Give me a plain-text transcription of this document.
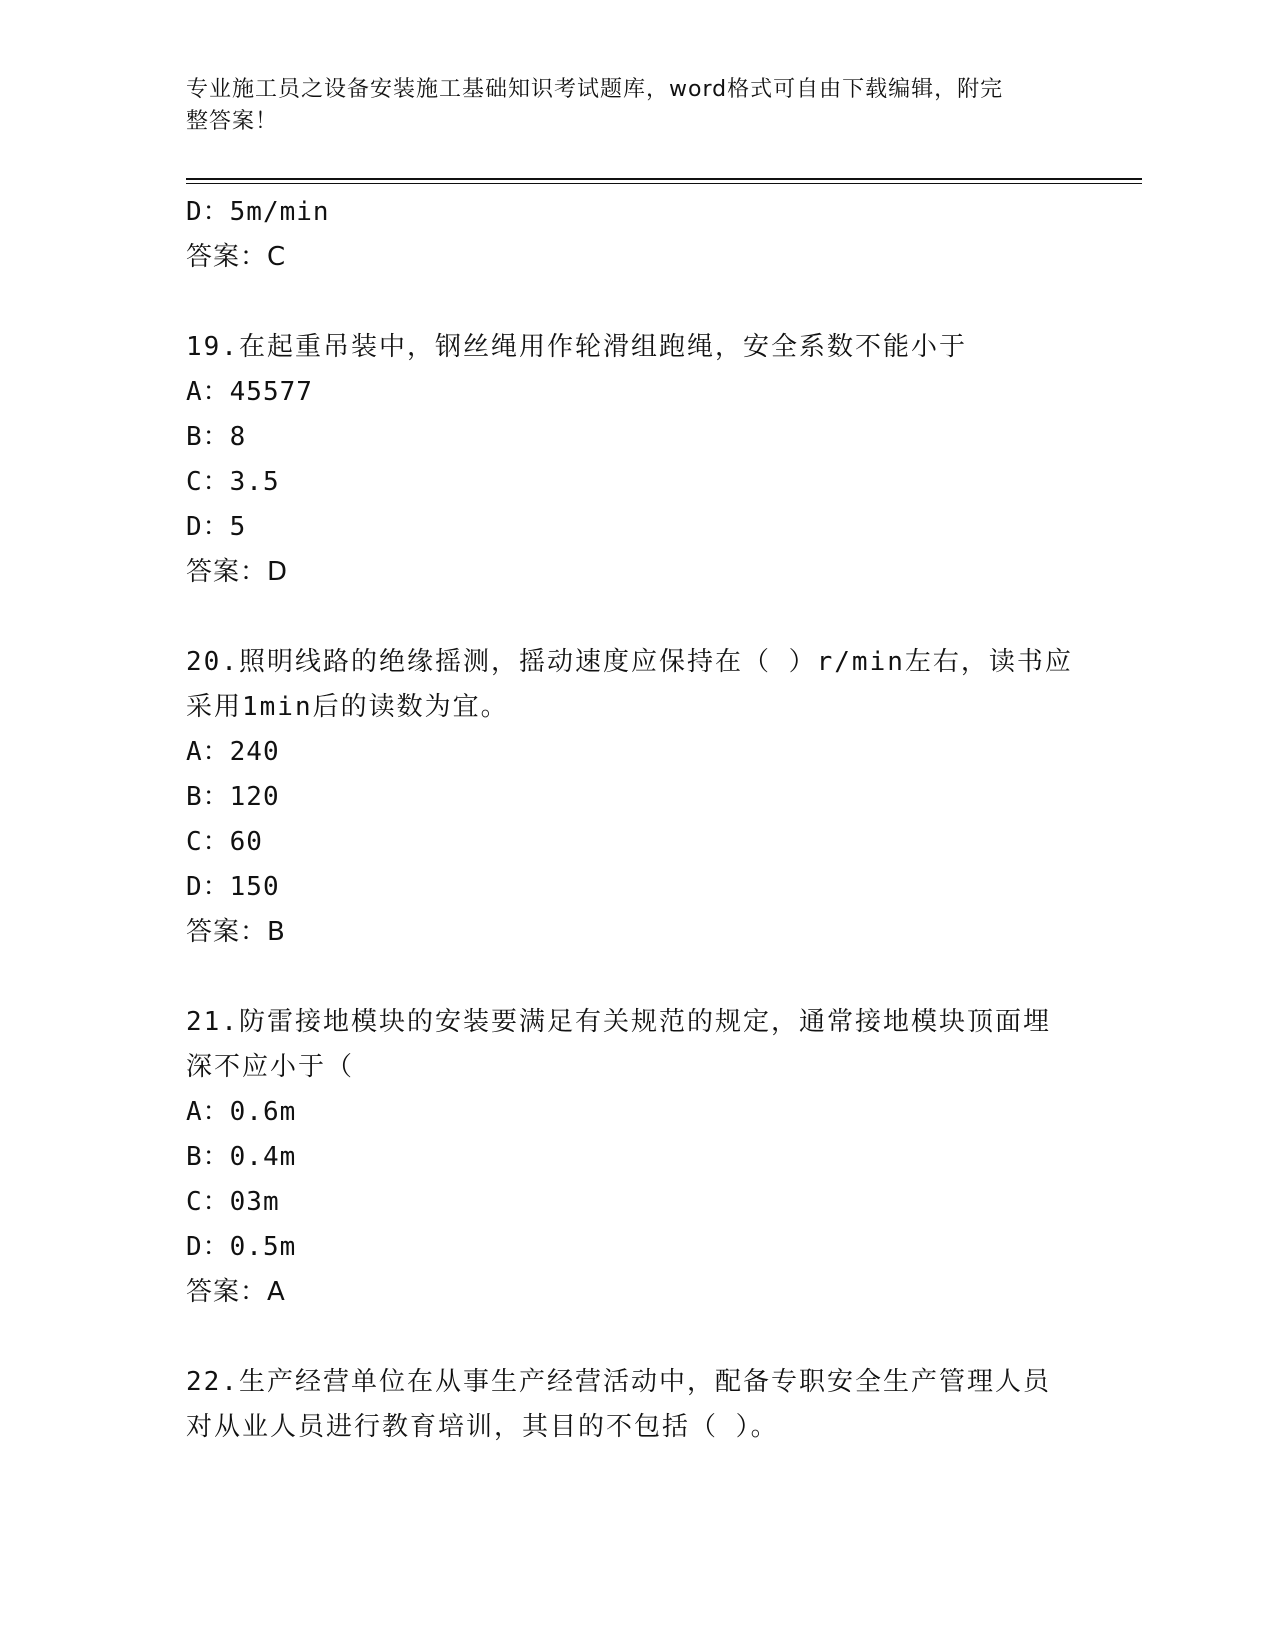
专业施工员之设备安装施工基础知识考试题库，word格式可自由下载编辑，附完
整答案！
D：5m/min
答案：C
19.在起重吊装中，钢丝绳用作轮滑组跑绳，安全系数不能小于
A：45577
B：8
C：3.5
D：5
答案：D
20.照明线路的绝缘摇测，摇动速度应保持在（ ）r/min左右，读书应
采用1min后的读数为宜。
A：240
B：120
C：60
D：150
答案：B
21.防雷接地模块的安装要满足有关规范的规定，通常接地模块顶面埋
深不应小于（
A：0.6m
B：0.4m
C：03m
D：0.5m
答案：A
22.生产经营单位在从事生产经营活动中，配备专职安全生产管理人员
对从业人员进行教育培训，其目的不包括（ ）。
